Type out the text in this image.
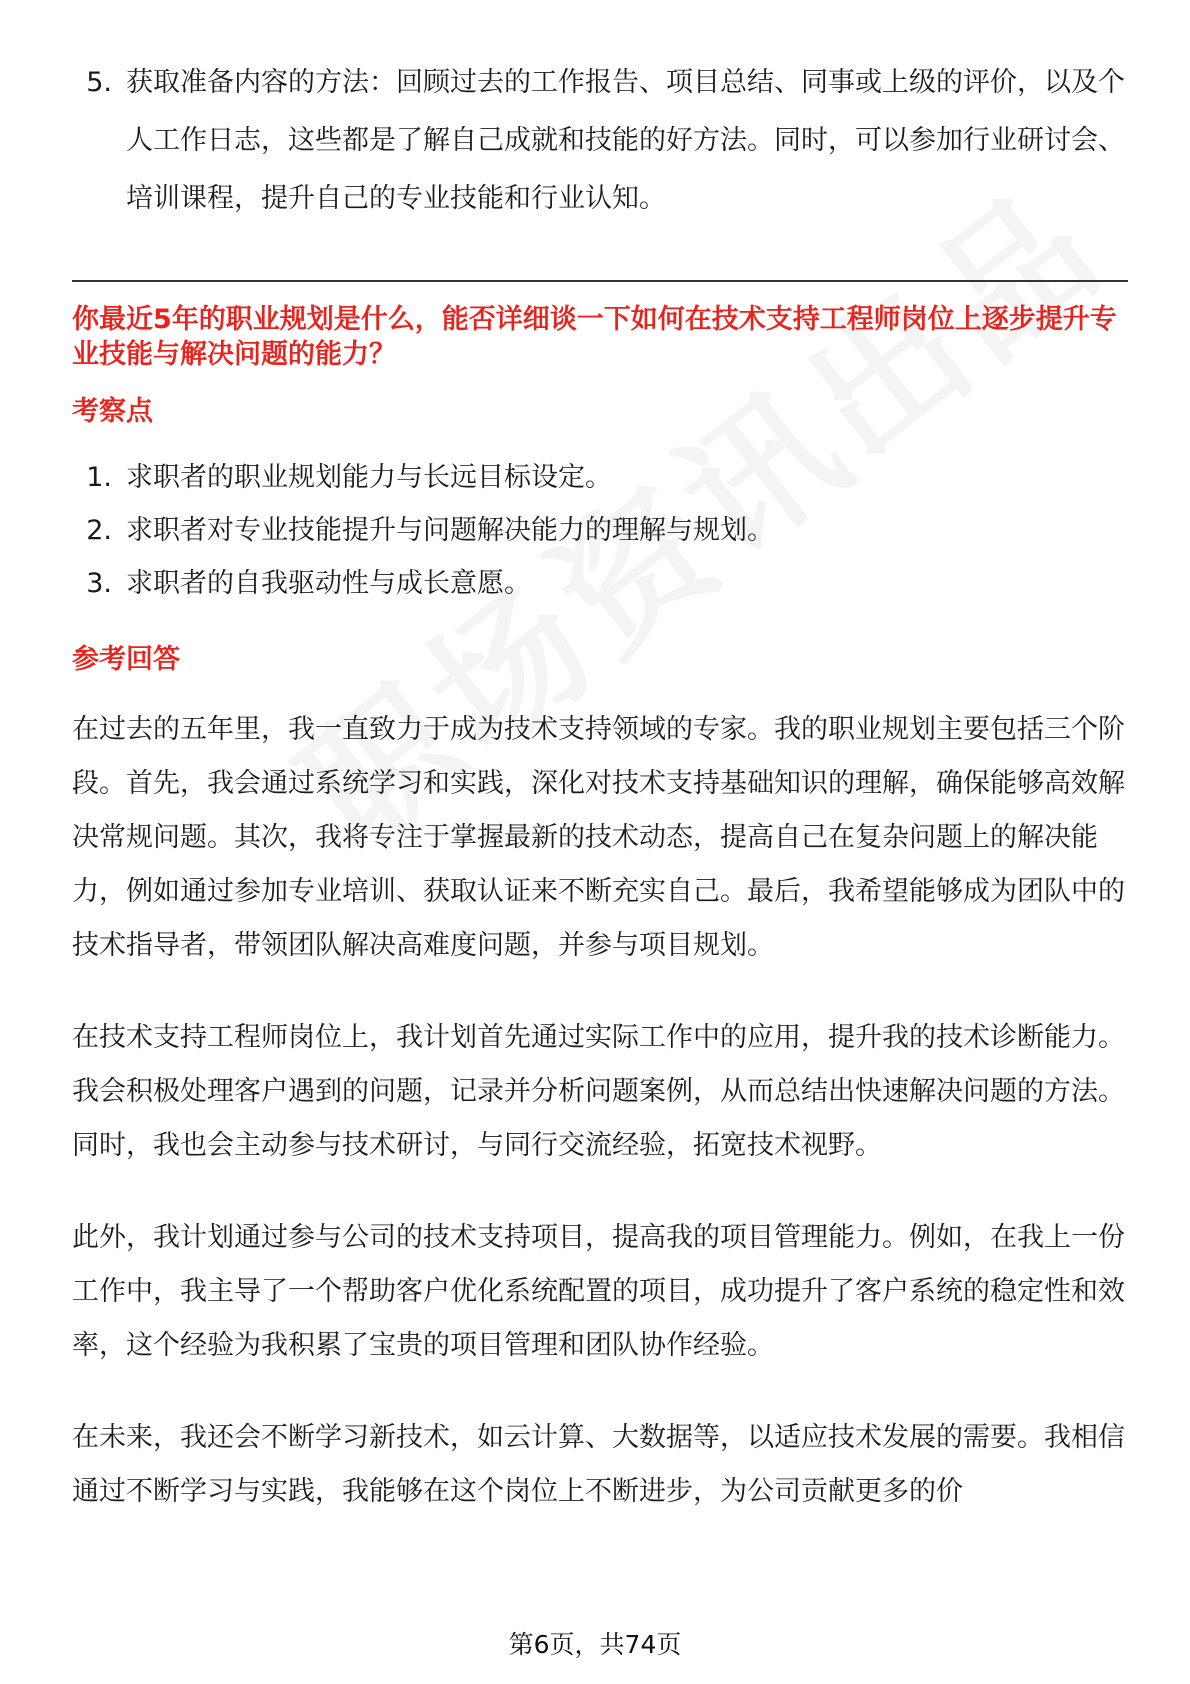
5. 获取准备内容的方法：回顾过去的工作报告、项目总结、同事或上级的评价，以及个人工作日志，这些都是了解自己成就和技能的好方法。同时，可以参加行业研讨会、培训课程，提升自己的专业技能和行业认知。
你最近5年的职业规划是什么，能否详细谈一下如何在技术支持工程师岗位上逐步提升专业技能与解决问题的能力？
考察点
1. 求职者的职业规划能力与长远目标设定。
2. 求职者对专业技能提升与问题解决能力的理解与规划。
3. 求职者的自我驱动性与成长意愿。
参考回答
在过去的五年里，我一直致力于成为技术支持领域的专家。我的职业规划主要包括三个阶段。首先，我会通过系统学习和实践，深化对技术支持基础知识的理解，确保能够高效解决常规问题。其次，我将专注于掌握最新的技术动态，提高自己在复杂问题上的解决能力，例如通过参加专业培训、获取认证来不断充实自己。最后，我希望能够成为团队中的技术指导者，带领团队解决高难度问题，并参与项目规划。
在技术支持工程师岗位上，我计划首先通过实际工作中的应用，提升我的技术诊断能力。我会积极处理客户遇到的问题，记录并分析问题案例，从而总结出快速解决问题的方法。同时，我也会主动参与技术研讨，与同行交流经验，拓宽技术视野。
此外，我计划通过参与公司的技术支持项目，提高我的项目管理能力。例如，在我上一份工作中，我主导了一个帮助客户优化系统配置的项目，成功提升了客户系统的稳定性和效率，这个经验为我积累了宝贵的项目管理和团队协作经验。
在未来，我还会不断学习新技术，如云计算、大数据等，以适应技术发展的需要。我相信通过不断学习与实践，我能够在这个岗位上不断进步，为公司贡献更多的价
第6页，共74页
